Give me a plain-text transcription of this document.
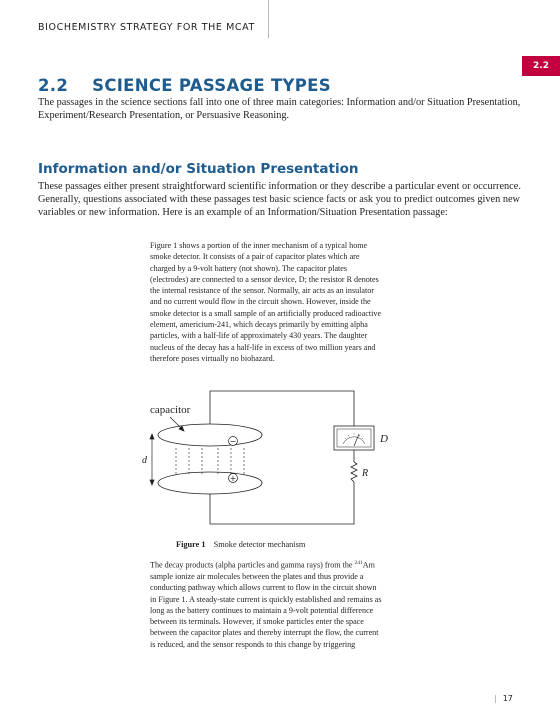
BIOCHEMISTRY STRATEGY FOR THE MCAT
2.2
2.2 SCIENCE PASSAGE TYPES

The passages in the science sections fall into one of three main categories: Information and/or Situation Presentation, Experiment/Research Presentation, or Persuasive Reasoning.

Information and/or Situation Presentation

These passages either present straightforward scientific information or they describe a particular event or occurrence. Generally, questions associated with these passages test basic science facts or ask you to predict outcomes given new variables or new information. Here is an example of an Information/Situation Presentation passage:

Figure 1 shows a portion of the inner mechanism of a typical home smoke detector. It consists of a pair of capacitor plates which are charged by a 9-volt battery (not shown). The capacitor plates (electrodes) are connected to a sensor device, D; the resistor R denotes the internal resistance of the sensor. Normally, air acts as an insulator and no current would flow in the circuit shown. However, inside the smoke detector is a small sample of an artificially produced radioactive element, americium-241, which decays primarily by emitting alpha particles, with a half-life of approximately 430 years. The daughter nucleus of the decay has a half-life in excess of two million years and therefore poses virtually no biohazard.

d
capacitor
−
+
D
R
Figure 1 Smoke detector mechanism

The decay products (alpha particles and gamma rays) from the $^{241}$Am sample ionize air molecules between the plates and thus provide a conducting pathway which allows current to flow in the circuit shown in Figure 1. A steady-state current is quickly established and remains as long as the battery continues to maintain a 9-volt potential difference between its terminals. However, if smoke particles enter the space between the capacitor plates and thereby interrupt the flow, the current is reduced, and the sensor responds to this change by triggering

| 17
